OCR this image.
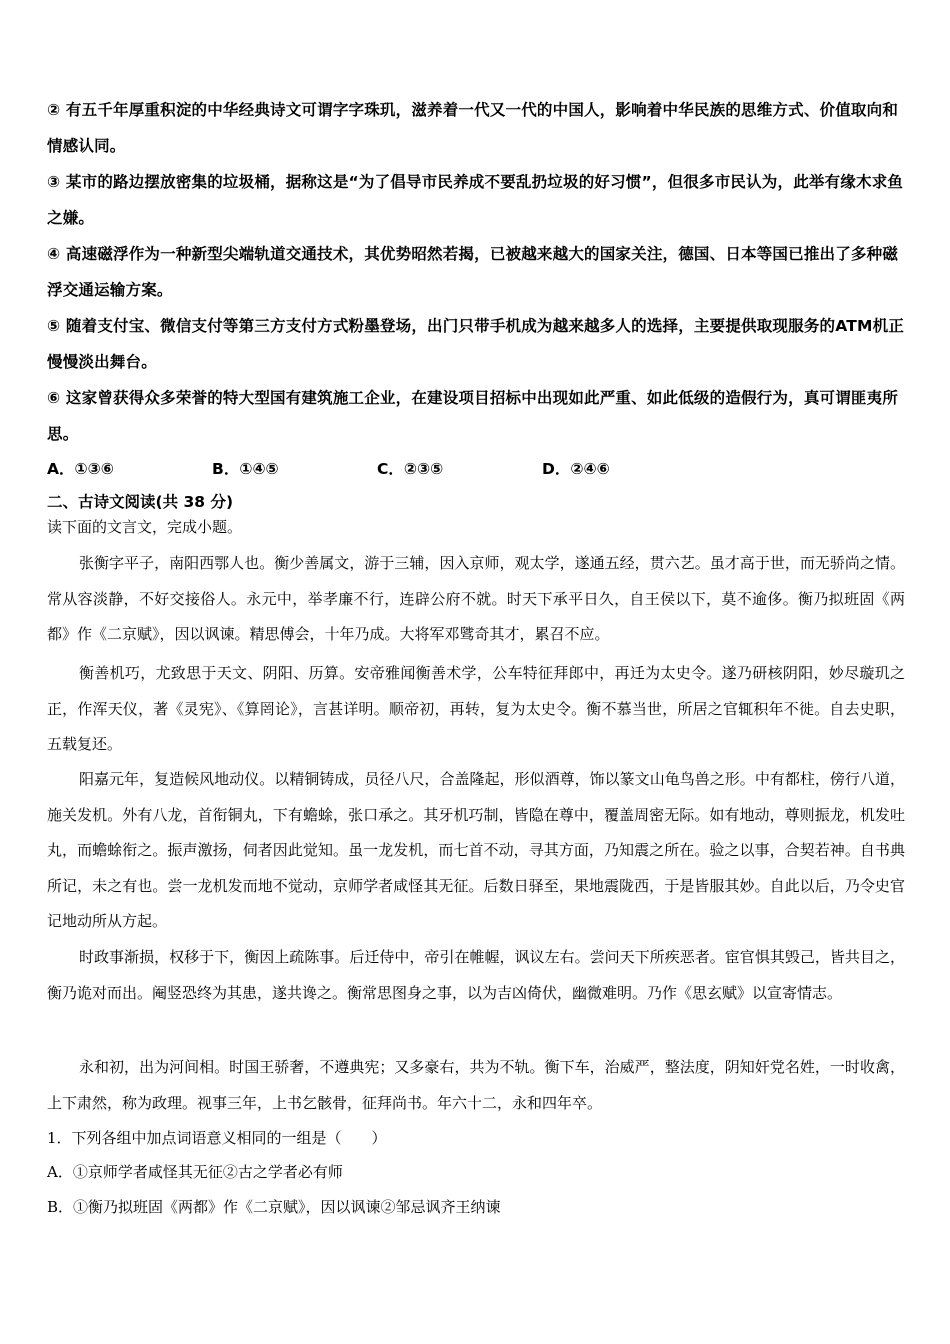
② 有五千年厚重积淀的中华经典诗文可谓字字珠玑，滋养着一代又一代的中国人，影响着中华民族的思维方式、价值取向和情感认同。

③ 某市的路边摆放密集的垃圾桶，据称这是“为了倡导市民养成不要乱扔垃圾的好习惯”，但很多市民认为，此举有缘木求鱼之嫌。

④ 高速磁浮作为一种新型尖端轨道交通技术，其优势昭然若揭，已被越来越大的国家关注，德国、日本等国已推出了多种磁浮交通运输方案。

⑤ 随着支付宝、微信支付等第三方支付方式粉墨登场，出门只带手机成为越来越多人的选择，主要提供取现服务的ATM机正慢慢淡出舞台。

⑥ 这家曾获得众多荣誉的特大型国有建筑施工企业，在建设项目招标中出现如此严重、如此低级的造假行为，真可谓匪夷所思。

A．①③⑥	B．①④⑤	C．②③⑤	D．②④⑥
二、古诗文阅读(共 38 分)
读下面的文言文，完成小题。

张衡字平子，南阳西鄂人也。衡少善属文，游于三辅，因入京师，观太学，遂通五经，贯六艺。虽才高于世，而无骄尚之情。常从容淡静，不好交接俗人。永元中，举孝廉不行，连辟公府不就。时天下承平日久，自王侯以下，莫不逾侈。衡乃拟班固《两都》作《二京赋》，因以讽谏。精思傅会，十年乃成。大将军邓骘奇其才，累召不应。

衡善机巧，尤致思于天文、阴阳、历算。安帝雅闻衡善术学，公车特征拜郎中，再迁为太史令。遂乃研核阴阳，妙尽璇玑之正，作浑天仪，著《灵宪》、《算罔论》，言甚详明。顺帝初，再转，复为太史令。衡不慕当世，所居之官辄积年不徙。自去史职，五载复还。

阳嘉元年，复造候风地动仪。以精铜铸成，员径八尺，合盖隆起，形似酒尊，饰以篆文山龟鸟兽之形。中有都柱，傍行八道，施关发机。外有八龙，首衔铜丸，下有蟾蜍，张口承之。其牙机巧制，皆隐在尊中，覆盖周密无际。如有地动，尊则振龙，机发吐丸，而蟾蜍衔之。振声激扬，伺者因此觉知。虽一龙发机，而七首不动，寻其方面，乃知震之所在。验之以事，合契若神。自书典所记，未之有也。尝一龙机发而地不觉动，京师学者咸怪其无征。后数日驿至，果地震陇西，于是皆服其妙。自此以后，乃令史官记地动所从方起。

时政事渐损，权移于下，衡因上疏陈事。后迁侍中，帝引在帷幄，讽议左右。尝问天下所疾恶者。宦官惧其毁己，皆共目之，衡乃诡对而出。阉竖恐终为其患，遂共谗之。衡常思图身之事，以为吉凶倚伏，幽微难明。乃作《思玄赋》以宣寄情志。

永和初，出为河间相。时国王骄奢，不遵典宪；又多豪右，共为不轨。衡下车，治威严，整法度，阴知奸党名姓，一时收禽，上下肃然，称为政理。视事三年，上书乞骸骨，征拜尚书。年六十二，永和四年卒。

1．下列各组中加点词语意义相同的一组是（　　）

A．①京师学者咸怪其无征②古之学者必有师

B．①衡乃拟班固《两都》作《二京赋》，因以讽谏②邹忌讽齐王纳谏
